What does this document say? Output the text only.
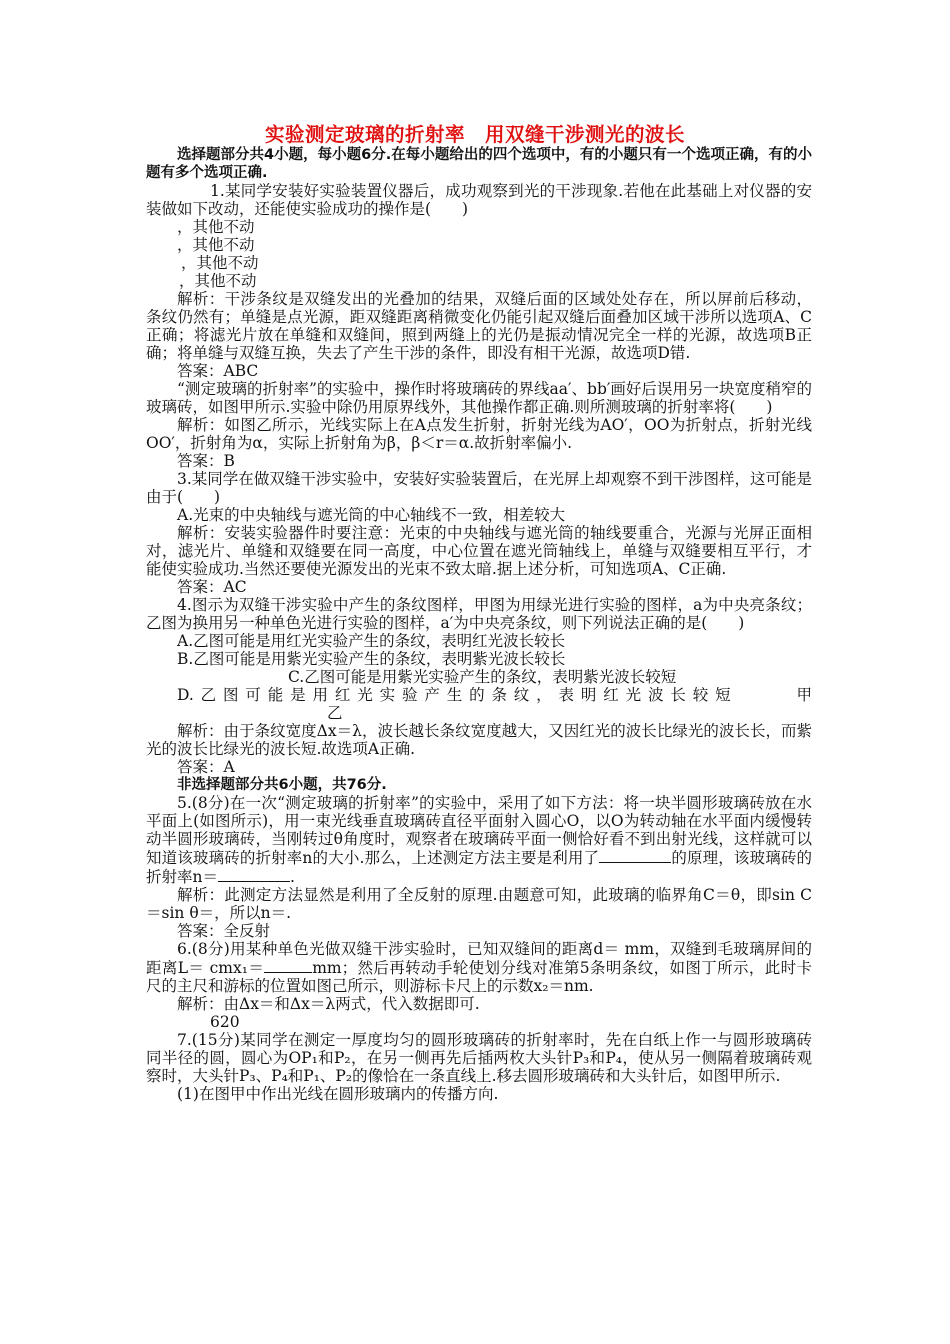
实验测定玻璃的折射率　用双缝干涉测光的波长

选择题部分共4小题，每小题6分.在每小题给出的四个选项中，有的小题只有一个选项正确，有的小题有多个选项正确.

1.某同学安装好实验装置仪器后，成功观察到光的干涉现象.若他在此基础上对仪器的安装做如下改动，还能使实验成功的操作是(　　)

，其他不动

，其他不动

，其他不动

，其他不动

解析：干涉条纹是双缝发出的光叠加的结果，双缝后面的区域处处存在，所以屏前后移动，条纹仍然有；单缝是点光源，距双缝距离稍微变化仍能引起双缝后面叠加区域干涉所以选项A、C正确；将滤光片放在单缝和双缝间，照到两缝上的光仍是振动情况完全一样的光源，故选项B正确；将单缝与双缝互换，失去了产生干涉的条件，即没有相干光源，故选项D错.

答案：ABC

“测定玻璃的折射率”的实验中，操作时将玻璃砖的界线aa′、bb′画好后误用另一块宽度稍窄的玻璃砖，如图甲所示.实验中除仍用原界线外，其他操作都正确.则所测玻璃的折射率将(　　)

解析：如图乙所示，光线实际上在A点发生折射，折射光线为AO′，OO为折射点，折射光线OO′，折射角为α，实际上折射角为β，β＜r＝α.故折射率偏小.

答案：B

3.某同学在做双缝干涉实验中，安装好实验装置后，在光屏上却观察不到干涉图样，这可能是由于(　　)

A.光束的中央轴线与遮光筒的中心轴线不一致，相差较大

解析：安装实验器件时要注意：光束的中央轴线与遮光筒的轴线要重合，光源与光屏正面相对，滤光片、单缝和双缝要在同一高度，中心位置在遮光筒轴线上，单缝与双缝要相互平行，才能使实验成功.当然还要使光源发出的光束不致太暗.据上述分析，可知选项A、C正确.

答案：AC

4.图示为双缝干涉实验中产生的条纹图样，甲图为用绿光进行实验的图样，a为中央亮条纹；乙图为换用另一种单色光进行实验的图样，a′为中央亮条纹，则下列说法正确的是(　　)

A.乙图可能是用红光实验产生的条纹，表明红光波长较长

B.乙图可能是用紫光实验产生的条纹，表明紫光波长较长

C.乙图可能是用紫光实验产生的条纹，表明紫光波长较短

D.乙图可能是用红光实验产生的条纹，表明红光波长较短	甲乙

解析：由于条纹宽度Δx＝λ，波长越长条纹宽度越大，又因红光的波长比绿光的波长长，而紫光的波长比绿光的波长短.故选项A正确.

答案：A

非选择题部分共6小题，共76分.

5.(8分)在一次“测定玻璃的折射率”的实验中，采用了如下方法：将一块半圆形玻璃砖放在水平面上(如图所示)，用一束光线垂直玻璃砖直径平面射入圆心O，以O为转动轴在水平面内缓慢转动半圆形玻璃砖，当刚转过θ角度时，观察者在玻璃砖平面一侧恰好看不到出射光线，这样就可以知道该玻璃砖的折射率n的大小.那么，上述测定方法主要是利用了	的原理，该玻璃砖的折射率n＝	.

解析：此测定方法显然是利用了全反射的原理.由题意可知，此玻璃的临界角C＝θ，即sin C＝sin θ＝，所以n＝.

答案：全反射

6.(8分)用某种单色光做双缝干涉实验时，已知双缝间的距离d＝ mm，双缝到毛玻璃屏间的距离L＝ cmx₁＝	mm；然后再转动手轮使划分线对准第5条明条纹，如图丁所示，此时卡尺的主尺和游标的位置如图己所示，则游标卡尺上的示数x₂＝nm.

解析：由Δx＝和Δx＝λ两式，代入数据即可.

620

7.(15分)某同学在测定一厚度均匀的圆形玻璃砖的折射率时，先在白纸上作一与圆形玻璃砖同半径的圆，圆心为OP₁和P₂，在另一侧再先后插两枚大头针P₃和P₄，使从另一侧隔着玻璃砖观察时，大头针P₃、P₄和P₁、P₂的像恰在一条直线上.移去圆形玻璃砖和大头针后，如图甲所示.

(1)在图甲中作出光线在圆形玻璃内的传播方向.
